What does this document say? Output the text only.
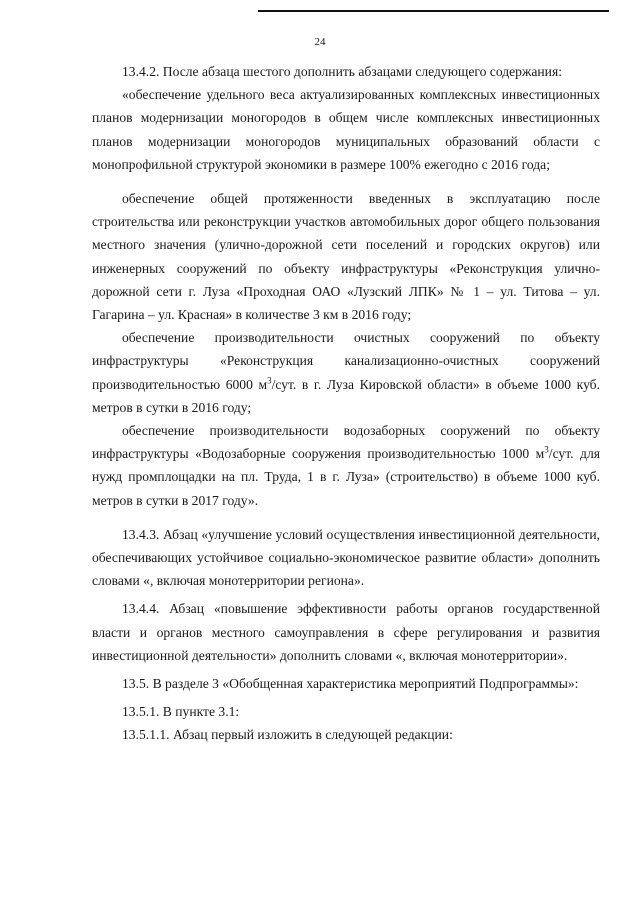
24

13.4.2. После абзаца шестого дополнить абзацами следующего содержания:

«обеспечение удельного веса актуализированных комплексных инвестиционных планов модернизации моногородов в общем числе комплексных инвестиционных планов модернизации моногородов муниципальных образований области с монопрофильной структурой экономики в размере 100% ежегодно с 2016 года;

обеспечение общей протяженности введенных в эксплуатацию после строительства или реконструкции участков автомобильных дорог общего пользования местного значения (улично-дорожной сети поселений и городских округов) или инженерных сооружений по объекту инфраструктуры «Реконструкция улично-дорожной сети г. Луза «Проходная ОАО «Лузский ЛПК» № 1 – ул. Титова – ул. Гагарина – ул. Красная» в количестве 3 км в 2016 году;

обеспечение производительности очистных сооружений по объекту инфраструктуры «Реконструкция канализационно-очистных сооружений производительностью 6000 $м^3$/сут. в г. Луза Кировской области» в объеме 1000 куб. метров в сутки в 2016 году;

обеспечение производительности водозаборных сооружений по объекту инфраструктуры «Водозаборные сооружения производительностью 1000 $м^3$/сут. для нужд промплощадки на пл. Труда, 1 в г. Луза» (строительство) в объеме 1000 куб. метров в сутки в 2017 году».

13.4.3. Абзац «улучшение условий осуществления инвестиционной деятельности, обеспечивающих устойчивое социально-экономическое развитие области» дополнить словами «, включая монотерритории региона».

13.4.4. Абзац «повышение эффективности работы органов государственной власти и органов местного самоуправления в сфере регулирования и развития инвестиционной деятельности» дополнить словами «, включая монотерритории».

13.5. В разделе 3 «Обобщенная характеристика мероприятий Подпрограммы»:

13.5.1. В пункте 3.1:

13.5.1.1. Абзац первый изложить в следующей редакции:
